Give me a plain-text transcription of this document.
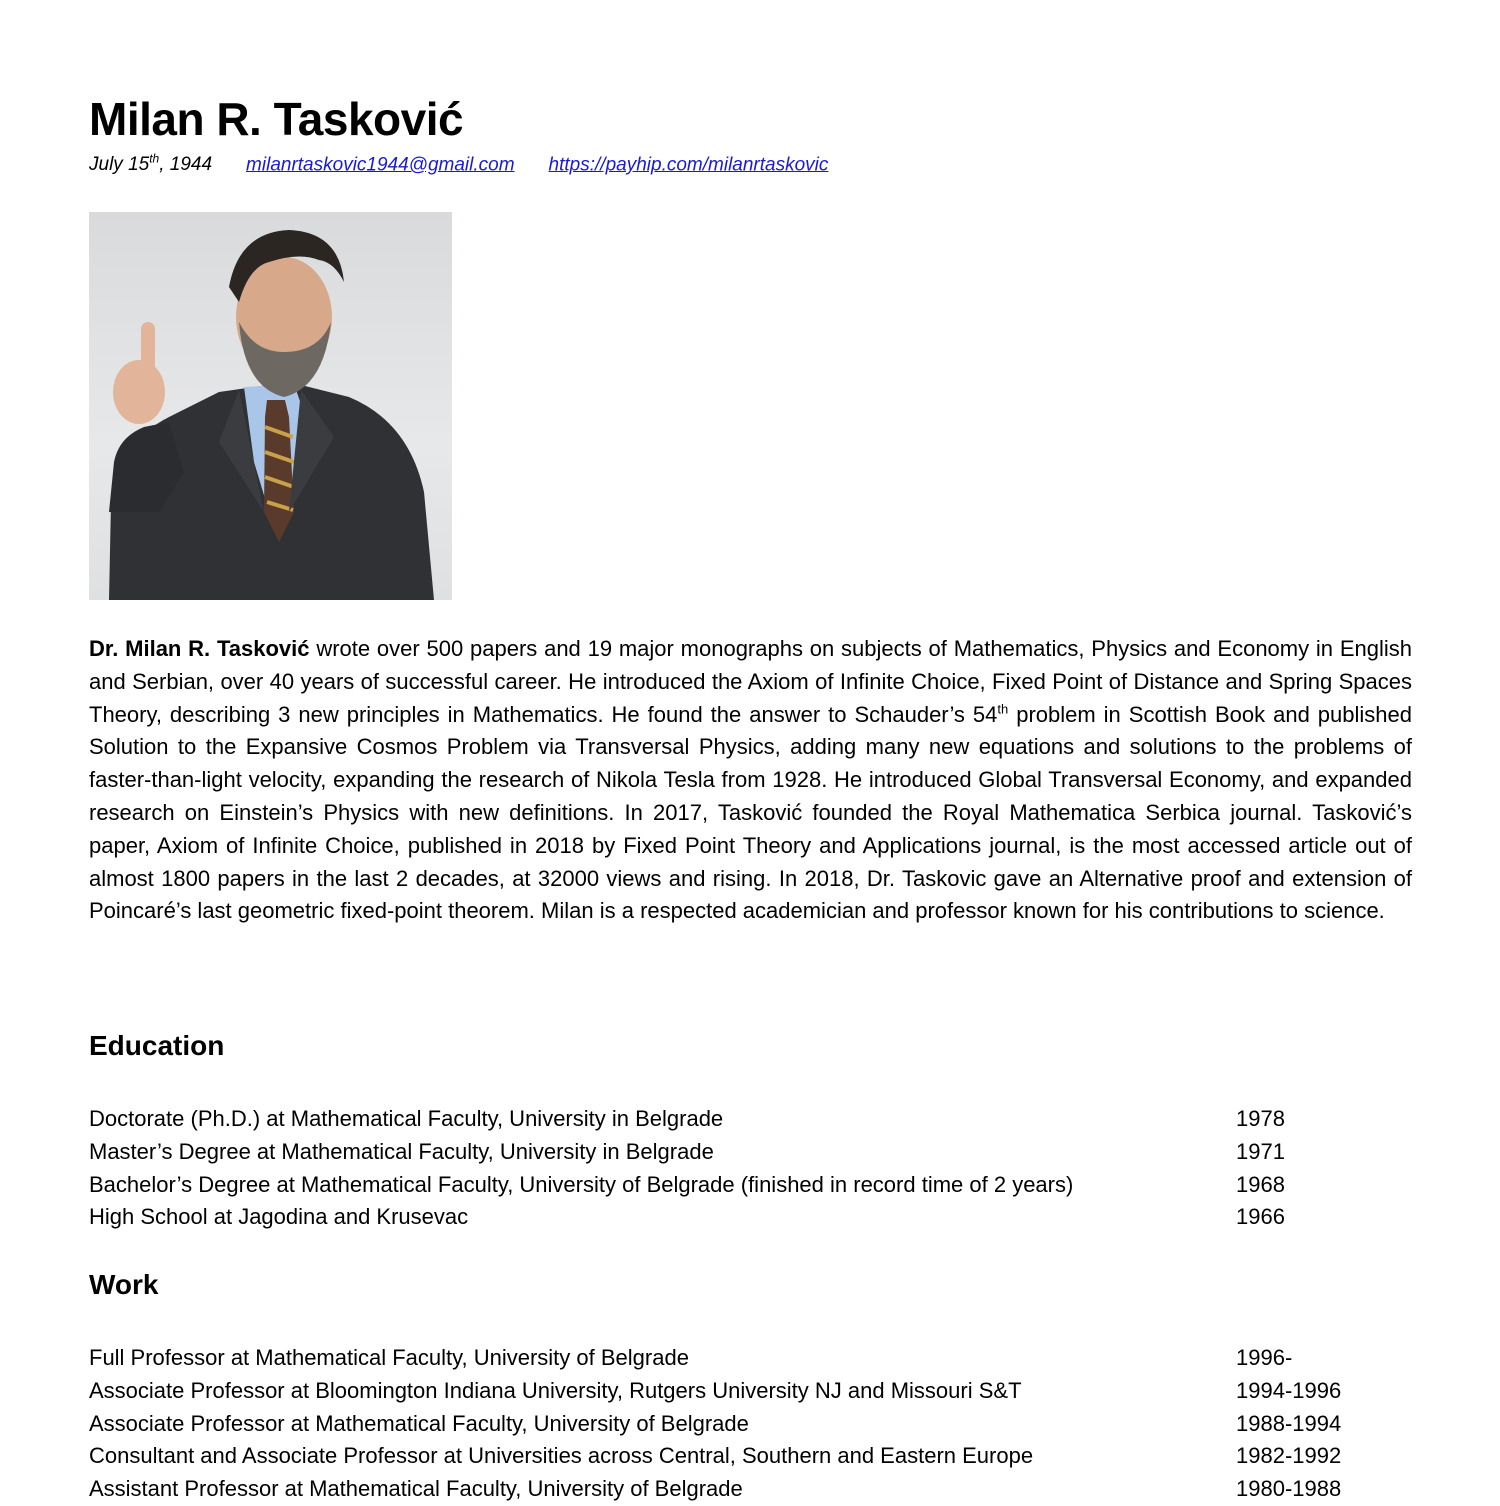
Milan R. Tasković
July 15th, 1944 milanrtaskovic1944@gmail.com https://payhip.com/milanrtaskovic

Dr. Milan R. Tasković wrote over 500 papers and 19 major monographs on subjects of Mathematics, Physics and Economy in English and Serbian, over 40 years of successful career. He introduced the Axiom of Infinite Choice, Fixed Point of Distance and Spring Spaces Theory, describing 3 new principles in Mathematics. He found the answer to Schauder’s 54th problem in Scottish Book and published Solution to the Expansive Cosmos Problem via Transversal Physics, adding many new equations and solutions to the problems of faster-than-light velocity, expanding the research of Nikola Tesla from 1928. He introduced Global Transversal Economy, and expanded research on Einstein’s Physics with new definitions. In 2017, Tasković founded the Royal Mathematica Serbica journal. Tasković’s paper, Axiom of Infinite Choice, published in 2018 by Fixed Point Theory and Applications journal, is the most accessed article out of almost 1800 papers in the last 2 decades, at 32000 views and rising. In 2018, Dr. Taskovic gave an Alternative proof and extension of Poincaré’s last geometric fixed-point theorem. Milan is a respected academician and professor known for his contributions to science.

Education
Doctorate (Ph.D.) at Mathematical Faculty, University in Belgrade	1978
Master’s Degree at Mathematical Faculty, University in Belgrade	1971
Bachelor’s Degree at Mathematical Faculty, University of Belgrade (finished in record time of 2 years)	1968
High School at Jagodina and Krusevac	1966
Work
Full Professor at Mathematical Faculty, University of Belgrade	1996-
Associate Professor at Bloomington Indiana University, Rutgers University NJ and Missouri S&T	1994-1996
Associate Professor at Mathematical Faculty, University of Belgrade	1988-1994
Consultant and Associate Professor at Universities across Central, Southern and Eastern Europe	1982-1992
Assistant Professor at Mathematical Faculty, University of Belgrade	1980-1988
